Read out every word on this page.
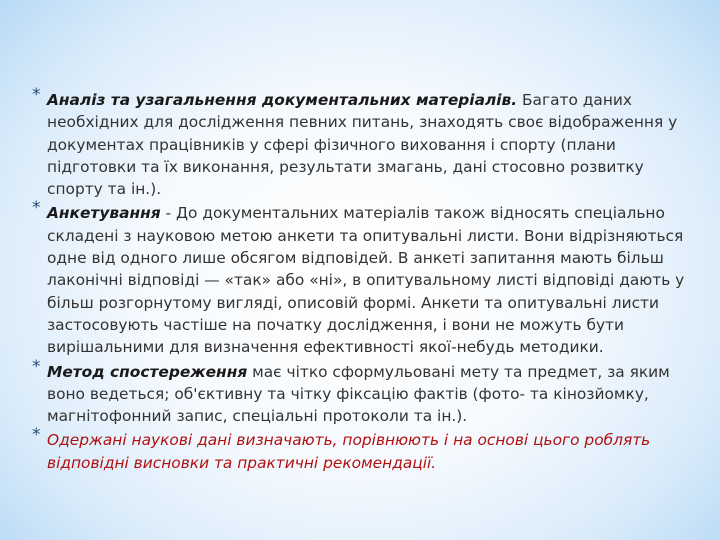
* Аналіз та узагальнення документальних матеріалів. Багато даних необхідних для дослідження певних питань, знаходять своє відображення у документах працівників у сфері фізичного виховання і спорту (плани підготовки та їх виконання, результати змагань, дані стосовно розвитку спорту та ін.).
* Анкетування - До документальних матеріалів також відносять спеціально складені з науковою метою анкети та опитувальні листи. Вони відрізняються одне від одного лише обсягом відповідей. В анкеті запитання мають більш лаконічні відповіді — «так» або «ні», в опитувальному листі відповіді дають у більш розгорнутому вигляді, описовій формі. Анкети та опитувальні листи застосовують частіше на початку дослідження, і вони не можуть бути вирішальними для визначення ефективності якої-небудь методики.
* Метод спостереження має чітко сформульовані мету та предмет, за яким воно ведеться; об'єктивну та чітку фіксацію фактів (фото- та кінозйомку, магнітофонний запис, спеціальні протоколи та ін.).
* Одержані наукові дані визначають, порівнюють і на основі цього роблять відповідні висновки та практичні рекомендації.
